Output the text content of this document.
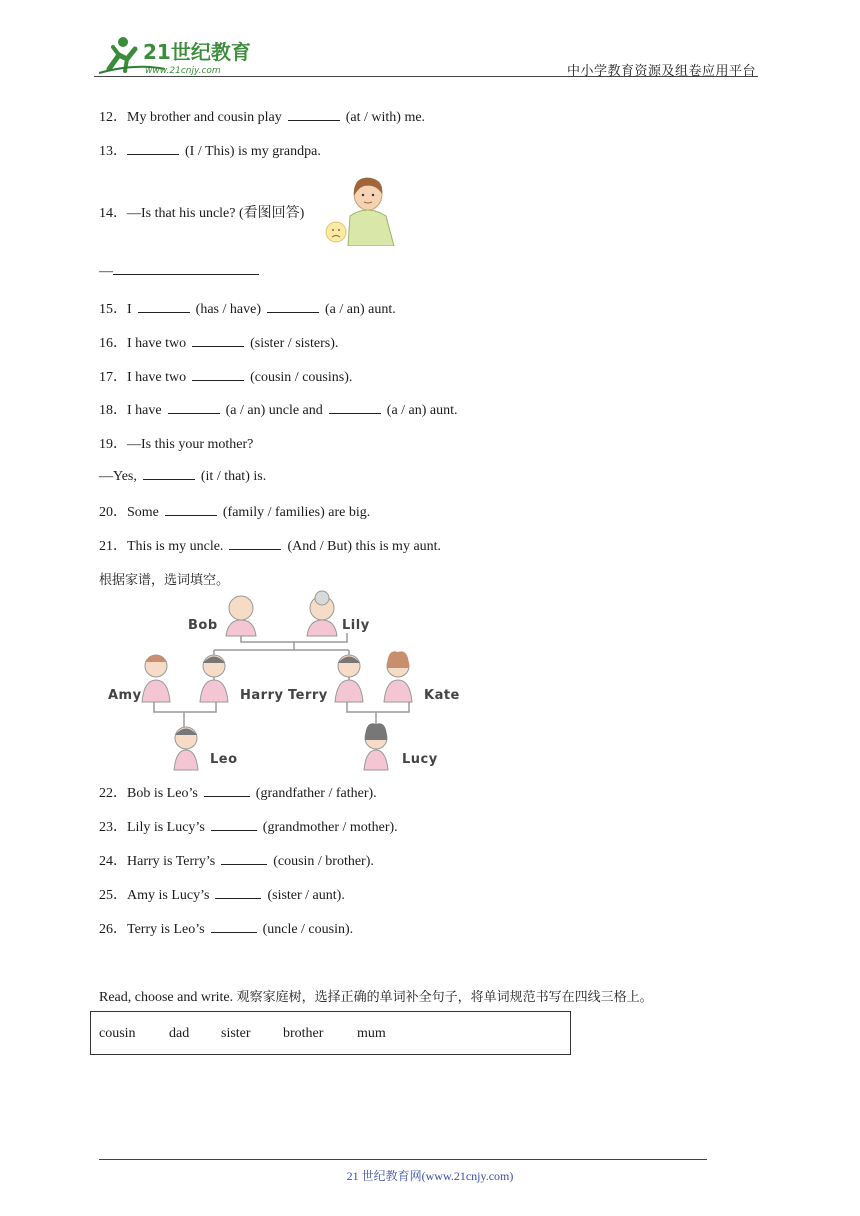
21世纪教育
www.21cnjy.com	中小学教育资源及组卷应用平台
12．My brother and cousin play	(at / with) me.
13．	(I / This) is my grandpa.
14．—Is that his uncle? (看图回答)
—
15．I	(has / have)	(a / an) aunt.
16．I have two	(sister / sisters).
17．I have two	(cousin / cousins).
18．I have	(a / an) uncle and	(a / an) aunt.
19．—Is this your mother?
—Yes,	(it / that) is.
20．Some	(family / families) are big.
21．This is my uncle.	(And / But) this is my aunt.
根据家谱，选词填空。
Bob	Lily
Amy	Harry Terry	Kate
Leo	Lucy
22．Bob is Leo’s	(grandfather / father).
23．Lily is Lucy’s	(grandmother / mother).
24．Harry is Terry’s	(cousin / brother).
25．Amy is Lucy’s	(sister / aunt).
26．Terry is Leo’s	(uncle / cousin).
Read, choose and write. 观察家庭树，选择正确的单词补全句子，将单词规范书写在四线三格上。
cousin dad sister brother mum
21 世纪教育网(www.21cnjy.com)
